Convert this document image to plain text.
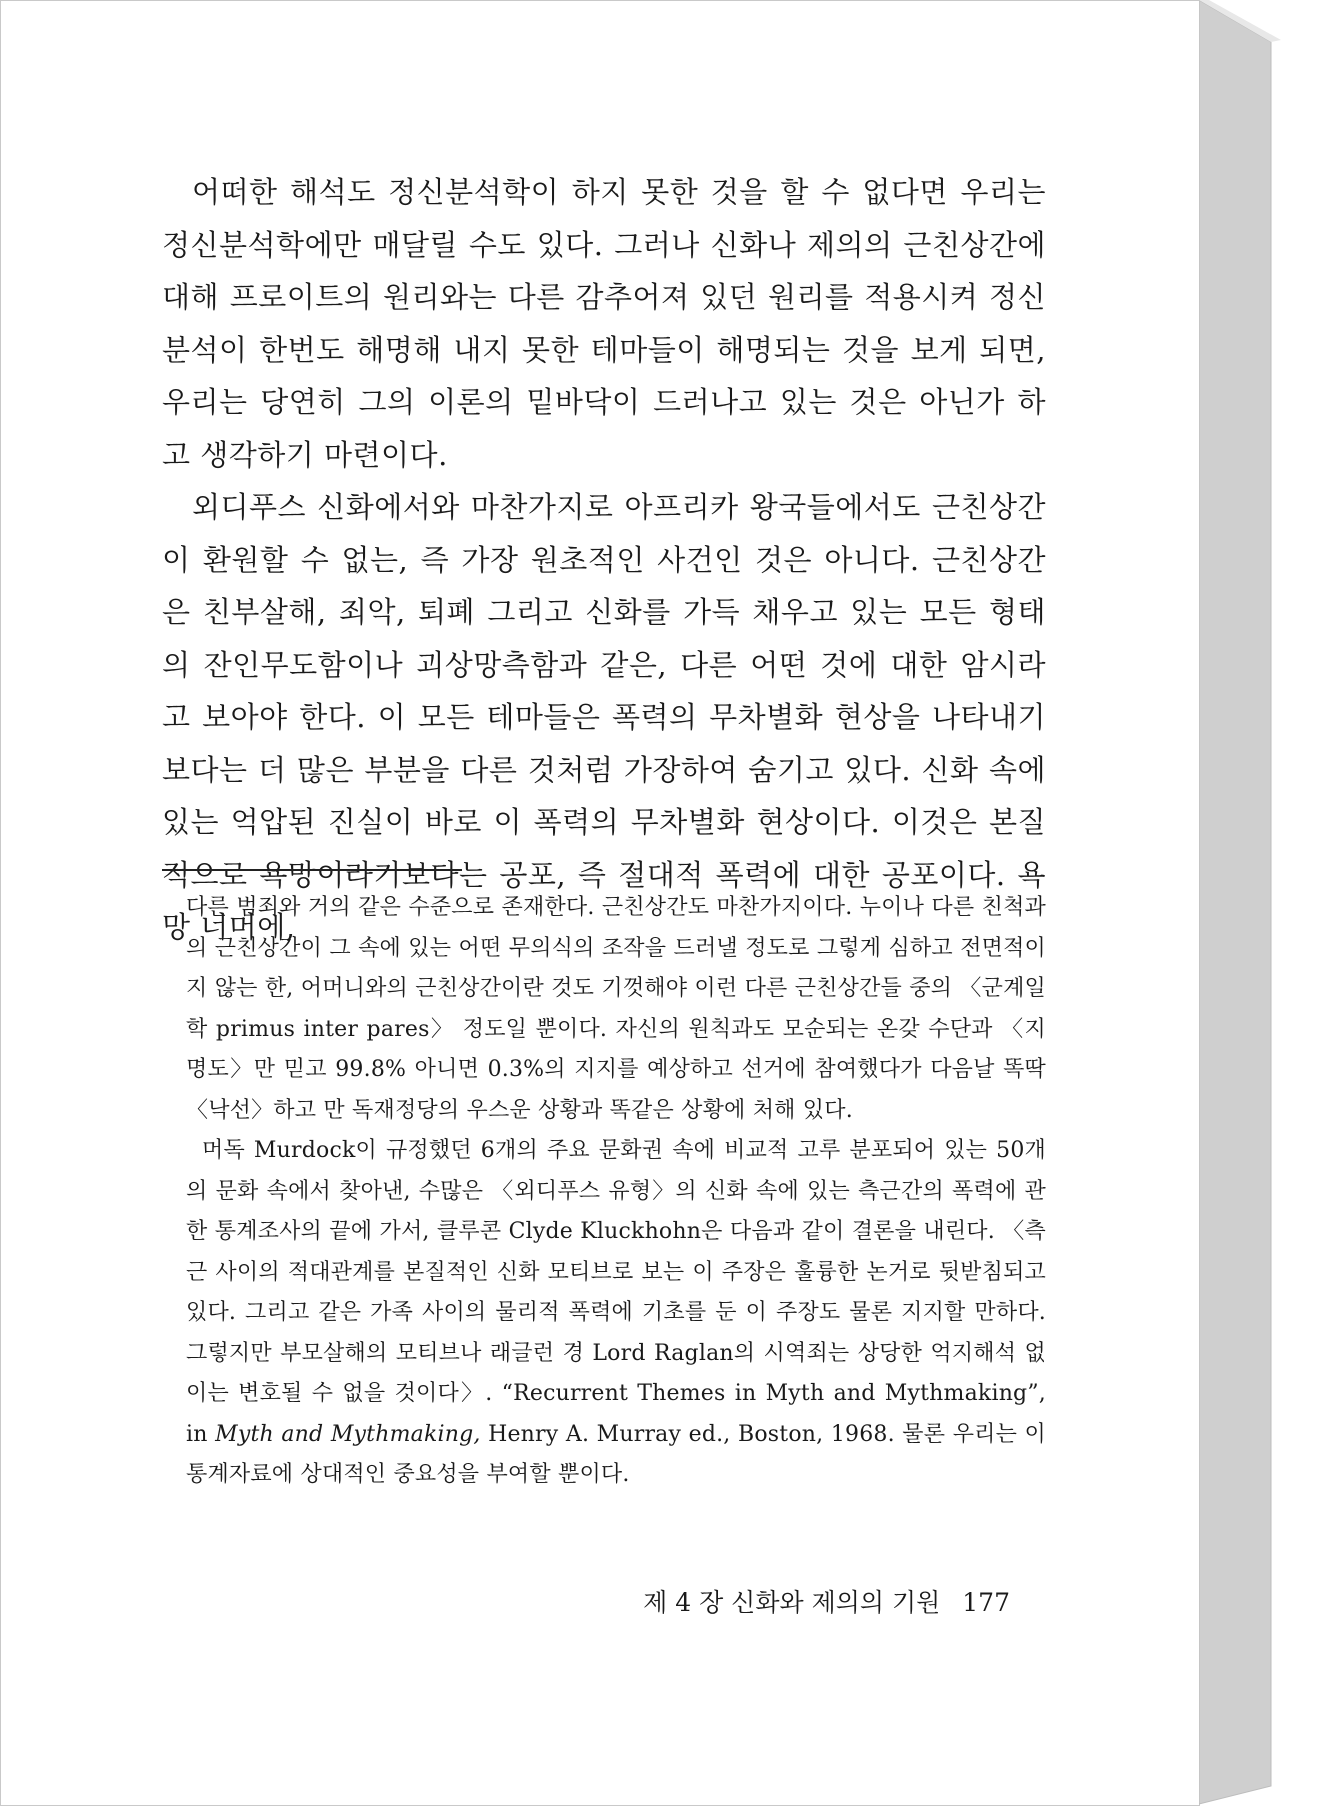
어떠한 해석도 정신분석학이 하지 못한 것을 할 수 없다면 우리는 정신분석학에만 매달릴 수도 있다. 그러나 신화나 제의의 근친상간에 대해 프로이트의 원리와는 다른 감추어져 있던 원리를 적용시켜 정신분석이 한번도 해명해 내지 못한 테마들이 해명되는 것을 보게 되면, 우리는 당연히 그의 이론의 밑바닥이 드러나고 있는 것은 아닌가 하고 생각하기 마련이다.

외디푸스 신화에서와 마찬가지로 아프리카 왕국들에서도 근친상간이 환원할 수 없는, 즉 가장 원초적인 사건인 것은 아니다. 근친상간은 친부살해, 죄악, 퇴폐 그리고 신화를 가득 채우고 있는 모든 형태의 잔인무도함이나 괴상망측함과 같은, 다른 어떤 것에 대한 암시라고 보아야 한다. 이 모든 테마들은 폭력의 무차별화 현상을 나타내기보다는 더 많은 부분을 다른 것처럼 가장하여 숨기고 있다. 신화 속에 있는 억압된 진실이 바로 이 폭력의 무차별화 현상이다. 이것은 본질적으로 욕망이라기보다는 공포, 즉 절대적 폭력에 대한 공포이다. 욕망 너머에,

다른 범죄와 거의 같은 수준으로 존재한다. 근친상간도 마찬가지이다. 누이나 다른 친척과의 근친상간이 그 속에 있는 어떤 무의식의 조작을 드러낼 정도로 그렇게 심하고 전면적이지 않는 한, 어머니와의 근친상간이란 것도 기껏해야 이런 다른 근친상간들 중의 〈군계일학 primus inter pares〉 정도일 뿐이다. 자신의 원칙과도 모순되는 온갖 수단과 〈지명도〉만 믿고 99.8% 아니면 0.3%의 지지를 예상하고 선거에 참여했다가 다음날 똑딱 〈낙선〉하고 만 독재정당의 우스운 상황과 똑같은 상황에 처해 있다.

머독 Murdock이 규정했던 6개의 주요 문화권 속에 비교적 고루 분포되어 있는 50개의 문화 속에서 찾아낸, 수많은 〈외디푸스 유형〉의 신화 속에 있는 측근간의 폭력에 관한 통계조사의 끝에 가서, 클루콘 Clyde Kluckhohn은 다음과 같이 결론을 내린다. 〈측근 사이의 적대관계를 본질적인 신화 모티브로 보는 이 주장은 훌륭한 논거로 뒷받침되고 있다. 그리고 같은 가족 사이의 물리적 폭력에 기초를 둔 이 주장도 물론 지지할 만하다. 그렇지만 부모살해의 모티브나 래글런 경 Lord Raglan의 시역죄는 상당한 억지해석 없이는 변호될 수 없을 것이다〉. “Recurrent Themes in Myth and Mythmaking”, in Myth and Mythmaking, Henry A. Murray ed., Boston, 1968. 물론 우리는 이 통계자료에 상대적인 중요성을 부여할 뿐이다.

제 4 장 신화와 제의의 기원 177
